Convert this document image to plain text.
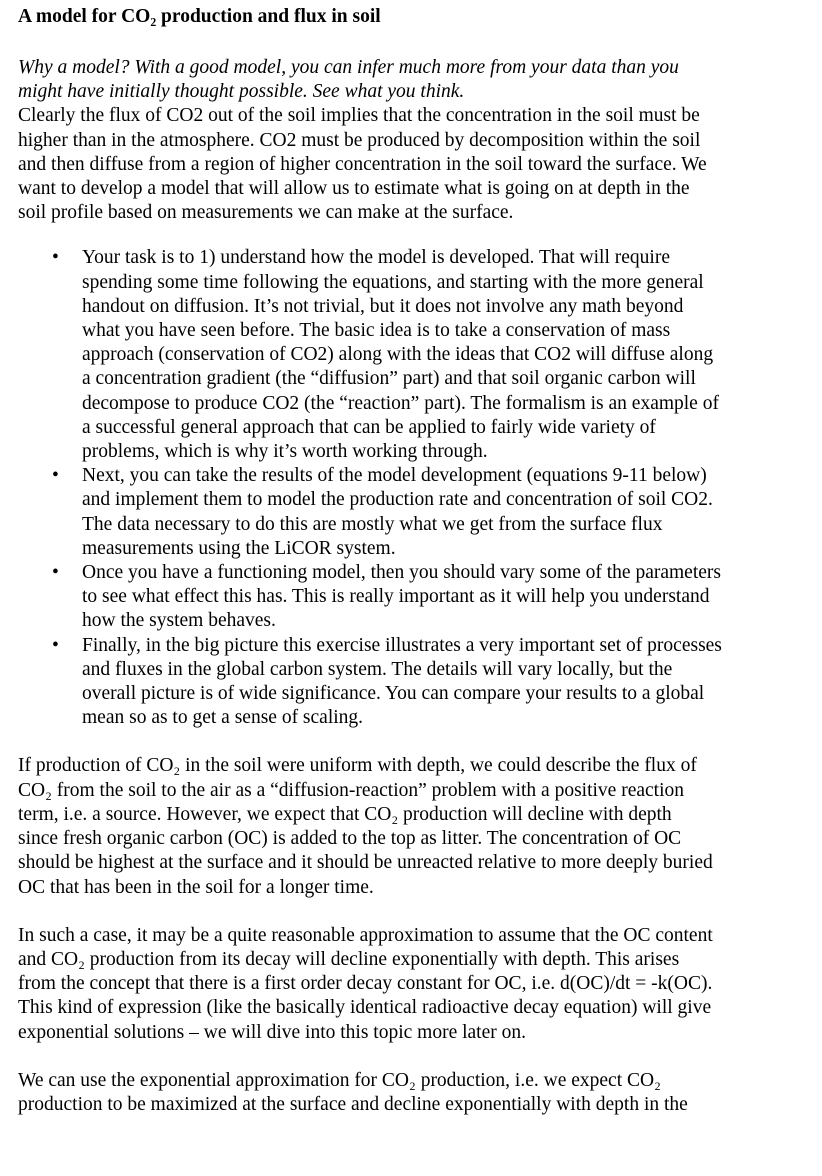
A model for CO₂ production and flux in soil

Why a model? With a good model, you can infer much more from your data than you
might have initially thought possible. See what you think.

Clearly the flux of CO2 out of the soil implies that the concentration in the soil must be
higher than in the atmosphere. CO2 must be produced by decomposition within the soil
and then diffuse from a region of higher concentration in the soil toward the surface. We
want to develop a model that will allow us to estimate what is going on at depth in the
soil profile based on measurements we can make at the surface.

• Your task is to 1) understand how the model is developed. That will require
spending some time following the equations, and starting with the more general
handout on diffusion. It’s not trivial, but it does not involve any math beyond
what you have seen before. The basic idea is to take a conservation of mass
approach (conservation of CO2) along with the ideas that CO2 will diffuse along
a concentration gradient (the “diffusion” part) and that soil organic carbon will
decompose to produce CO2 (the “reaction” part). The formalism is an example of
a successful general approach that can be applied to fairly wide variety of
problems, which is why it’s worth working through.
• Next, you can take the results of the model development (equations 9-11 below)
and implement them to model the production rate and concentration of soil CO2.
The data necessary to do this are mostly what we get from the surface flux
measurements using the LiCOR system.
• Once you have a functioning model, then you should vary some of the parameters
to see what effect this has. This is really important as it will help you understand
how the system behaves.
• Finally, in the big picture this exercise illustrates a very important set of processes
and fluxes in the global carbon system. The details will vary locally, but the
overall picture is of wide significance. You can compare your results to a global
mean so as to get a sense of scaling.

If production of CO₂ in the soil were uniform with depth, we could describe the flux of
CO₂ from the soil to the air as a “diffusion-reaction” problem with a positive reaction
term, i.e. a source. However, we expect that CO₂ production will decline with depth
since fresh organic carbon (OC) is added to the top as litter. The concentration of OC
should be highest at the surface and it should be unreacted relative to more deeply buried
OC that has been in the soil for a longer time.

In such a case, it may be a quite reasonable approximation to assume that the OC content
and CO₂ production from its decay will decline exponentially with depth. This arises
from the concept that there is a first order decay constant for OC, i.e. d(OC)/dt = -k(OC).
This kind of expression (like the basically identical radioactive decay equation) will give
exponential solutions – we will dive into this topic more later on.

We can use the exponential approximation for CO₂ production, i.e. we expect CO₂
production to be maximized at the surface and decline exponentially with depth in the
